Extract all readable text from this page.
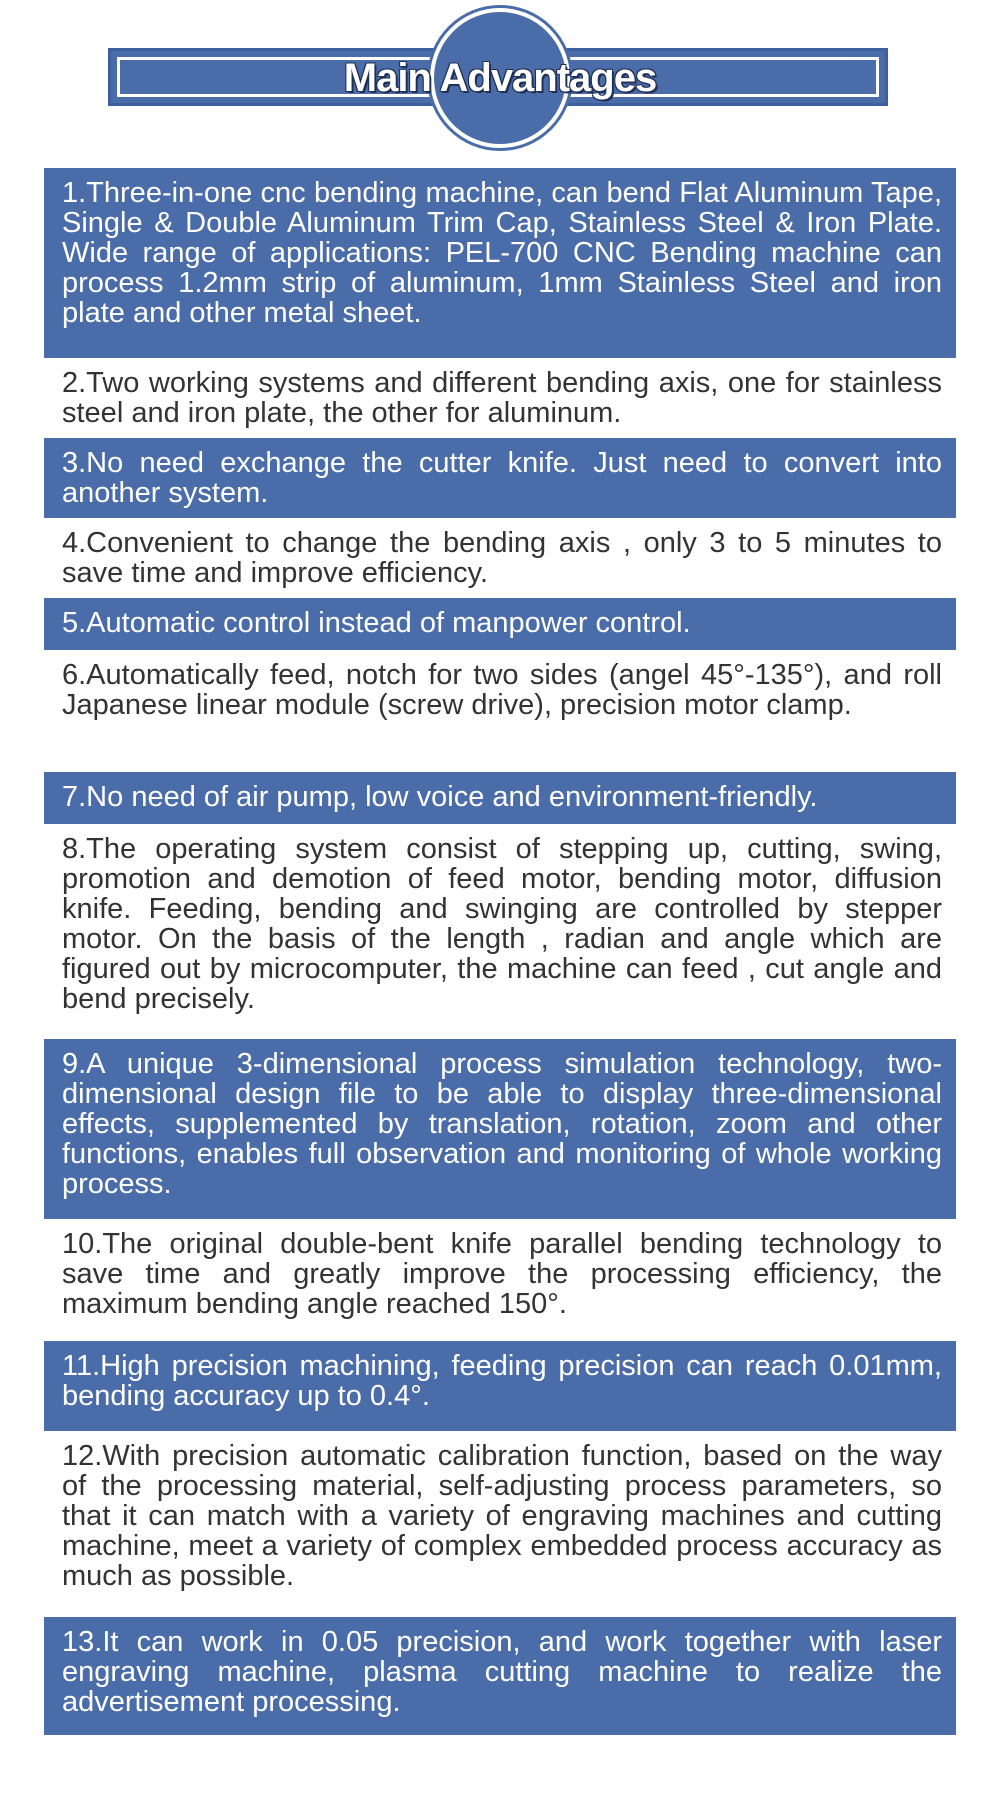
Main Advantages
1.Three-in-one cnc bending machine, can bend Flat Aluminum Tape, Single & Double Aluminum Trim Cap, Stainless Steel & Iron Plate. Wide range of applications: PEL-700 CNC Bending machine can process 1.2mm strip of aluminum, 1mm Stainless Steel and iron plate and other metal sheet.
2.Two working systems and different bending axis, one for stainless steel and iron plate, the other for aluminum.
3.No need exchange the cutter knife. Just need to convert into another system.
4.Convenient to change the bending axis , only 3 to 5 minutes to save time and improve efficiency.
5.Automatic control instead of manpower control.
6.Automatically feed, notch for two sides (angel 45°-135°), and roll Japanese linear module (screw drive), precision motor clamp.
7.No need of air pump, low voice and environment-friendly.
8.The operating system consist of stepping up, cutting, swing, promotion and demotion of feed motor, bending motor, diffusion knife. Feeding, bending and swinging are controlled by stepper motor. On the basis of the length , radian and angle which are figured out by microcomputer, the machine can feed , cut angle and bend precisely.
9.A unique 3-dimensional process simulation technology, two-dimensional design file to be able to display three-dimensional effects, supplemented by translation, rotation, zoom and other functions, enables full observation and monitoring of whole working process.
10.The original double-bent knife parallel bending technology to save time and greatly improve the processing efficiency, the maximum bending angle reached 150°.
11.High precision machining, feeding precision can reach 0.01mm, bending accuracy up to 0.4°.
12.With precision automatic calibration function, based on the way of the processing material, self-adjusting process parameters, so that it can match with a variety of engraving machines and cutting machine, meet a variety of complex embedded process accuracy as much as possible.
13.It can work in 0.05 precision, and work together with laser engraving machine, plasma cutting machine to realize the advertisement processing.
